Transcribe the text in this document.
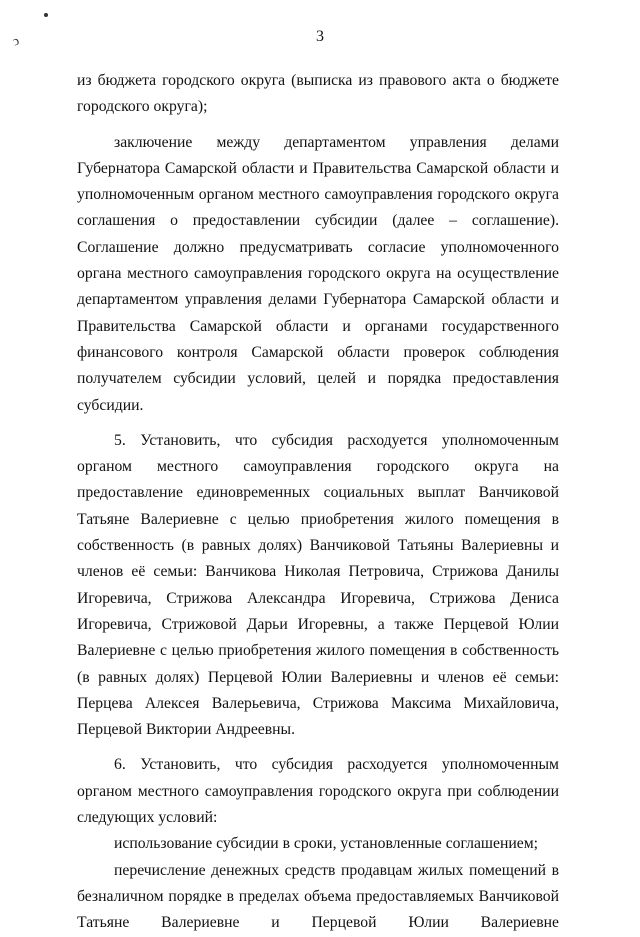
ↄ	3

из бюджета городского округа (выписка из правового акта о бюджете городского округа);

заключение между департаментом управления делами Губернатора Самарской области и Правительства Самарской области и уполномоченным органом местного самоуправления городского округа соглашения о предоставлении субсидии (далее – соглашение). Соглашение должно предусматривать согласие уполномоченного органа местного самоуправления городского округа на осуществление департаментом управления делами Губернатора Самарской области и Правительства Самарской области и органами государственного финансового контроля Самарской области проверок соблюдения получателем субсидии условий, целей и порядка предоставления субсидии.

5. Установить, что субсидия расходуется уполномоченным органом местного самоуправления городского округа на предоставление единовременных социальных выплат Ванчиковой Татьяне Валериевне с целью приобретения жилого помещения в собственность (в равных долях) Ванчиковой Татьяны Валериевны и членов её семьи: Ванчикова Николая Петровича, Стрижова Данилы Игоревича, Стрижова Александра Игоревича, Стрижова Дениса Игоревича, Стрижовой Дарьи Игоревны, а также Перцевой Юлии Валериевне с целью приобретения жилого помещения в собственность (в равных долях) Перцевой Юлии Валериевны и членов её семьи: Перцева Алексея Валерьевича, Стрижова Максима Михайловича, Перцевой Виктории Андреевны.

6. Установить, что субсидия расходуется уполномоченным органом местного самоуправления городского округа при соблюдении следующих условий:

использование субсидии в сроки, установленные соглашением;

перечисление денежных средств продавцам жилых помещений в безналичном порядке в пределах объема предоставляемых Ванчиковой Татьяне Валериевне и Перцевой Юлии Валериевне
